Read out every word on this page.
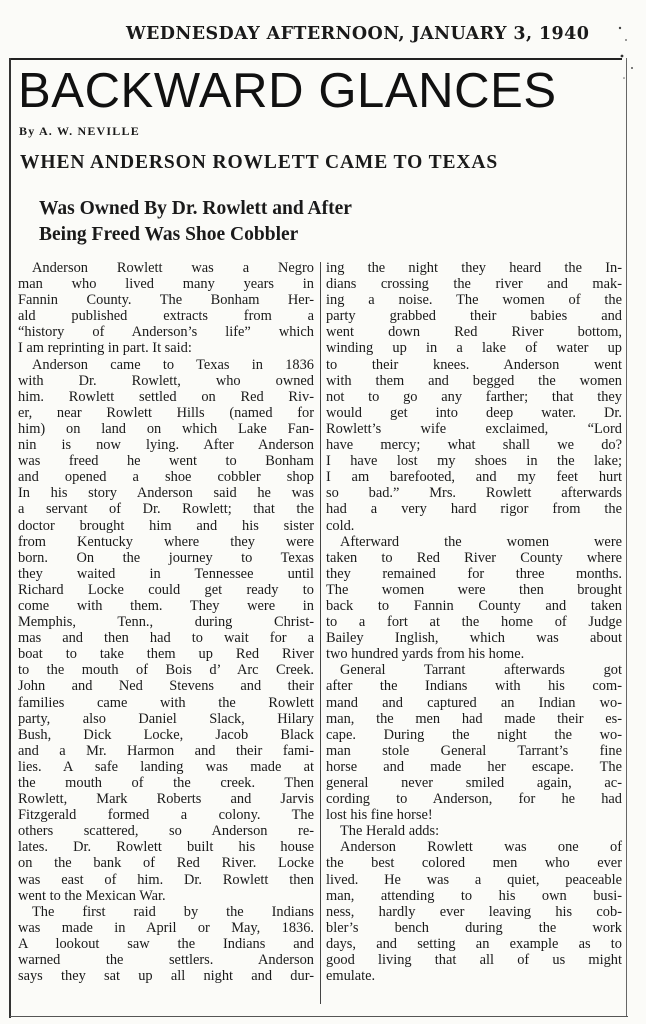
WEDNESDAY AFTERNOON, JANUARY 3, 1940
BACKWARD GLANCES
By A. W. NEVILLE
WHEN ANDERSON ROWLETT CAME TO TEXAS
Was Owned By Dr. Rowlett and After
Being Freed Was Shoe Cobbler
Anderson Rowlett was a Negro
man who lived many years in
Fannin County. The Bonham Her-
ald published extracts from a
“history of Anderson’s life” which
I am reprinting in part. It said:
Anderson came to Texas in 1836
with Dr. Rowlett, who owned
him. Rowlett settled on Red Riv-
er, near Rowlett Hills (named for
him) on land on which Lake Fan-
nin is now lying. After Anderson
was freed he went to Bonham
and opened a shoe cobbler shop
In his story Anderson said he was
a servant of Dr. Rowlett; that the
doctor brought him and his sister
from Kentucky where they were
born. On the journey to Texas
they waited in Tennessee until
Richard Locke could get ready to
come with them. They were in
Memphis, Tenn., during Christ-
mas and then had to wait for a
boat to take them up Red River
to the mouth of Bois d’ Arc Creek.
John and Ned Stevens and their
families came with the Rowlett
party, also Daniel Slack, Hilary
Bush, Dick Locke, Jacob Black
and a Mr. Harmon and their fami-
lies. A safe landing was made at
the mouth of the creek. Then
Rowlett, Mark Roberts and Jarvis
Fitzgerald formed a colony. The
others scattered, so Anderson re-
lates. Dr. Rowlett built his house
on the bank of Red River. Locke
was east of him. Dr. Rowlett then
went to the Mexican War.
The first raid by the Indians
was made in April or May, 1836.
A lookout saw the Indians and
warned the settlers. Anderson
says they sat up all night and dur-
ing the night they heard the In-
dians crossing the river and mak-
ing a noise. The women of the
party grabbed their babies and
went down Red River bottom,
winding up in a lake of water up
to their knees. Anderson went
with them and begged the women
not to go any farther; that they
would get into deep water. Dr.
Rowlett’s wife exclaimed, “Lord
have mercy; what shall we do?
I have lost my shoes in the lake;
I am barefooted, and my feet hurt
so bad.” Mrs. Rowlett afterwards
had a very hard rigor from the
cold.
Afterward the women were
taken to Red River County where
they remained for three months.
The women were then brought
back to Fannin County and taken
to a fort at the home of Judge
Bailey Inglish, which was about
two hundred yards from his home.
General Tarrant afterwards got
after the Indians with his com-
mand and captured an Indian wo-
man, the men had made their es-
cape. During the night the wo-
man stole General Tarrant’s fine
horse and made her escape. The
general never smiled again, ac-
cording to Anderson, for he had
lost his fine horse!
The Herald adds:
Anderson Rowlett was one of
the best colored men who ever
lived. He was a quiet, peaceable
man, attending to his own busi-
ness, hardly ever leaving his cob-
bler’s bench during the work
days, and setting an example as to
good living that all of us might
emulate.
